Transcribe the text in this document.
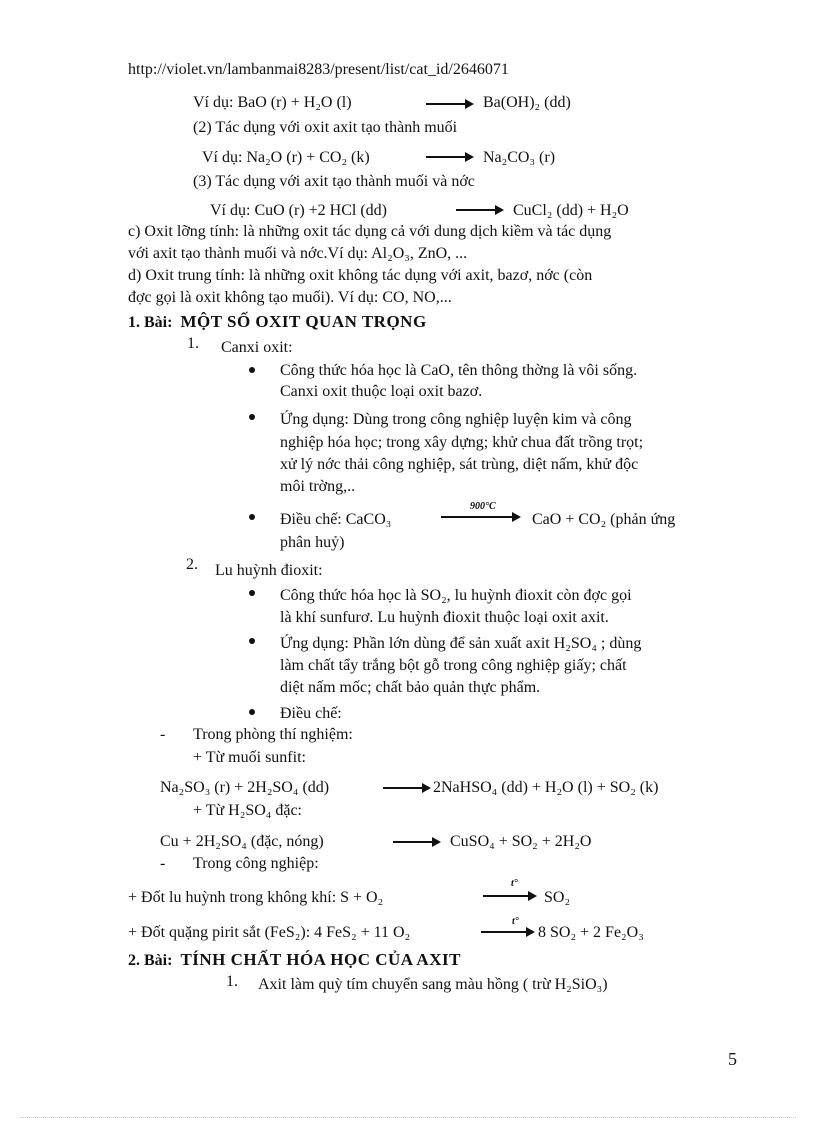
http://violet.vn/lambanmai8283/present/list/cat_id/2646071
Ví dụ: BaO (r) + H₂O (l)	→ Ba(OH)₂ (dd)
(2) Tác dụng với oxit axit tạo thành muối
Ví dụ: Na₂O (r) + CO₂ (k)	→ Na₂CO₃ (r)
(3) Tác dụng với axit tạo thành muối và nớc
Ví dụ: CuO (r) +2 HCl (dd)	→ CuCl₂ (dd) + H₂O
c) Oxit lỡng tính: là những oxit tác dụng cả với dung dịch kiềm và tác dụng
với axit tạo thành muối và nớc.Ví dụ: Al₂O₃, ZnO, ...
d) Oxit trung tính: là những oxit không tác dụng với axit, bazơ, nớc (còn
đợc gọi là oxit không tạo muối). Ví dụ: CO, NO,...
1. Bài: MỘT SỐ OXIT QUAN TRỌNG
1. Canxi oxit:
Công thức hóa học là CaO, tên thông thờng là vôi sống.
Canxi oxit thuộc loại oxit bazơ.
Ứng dụng: Dùng trong công nghiệp luyện kim và công
nghiệp hóa học; trong xây dựng; khử chua đất trồng trọt;
xử lý nớc thải công nghiệp, sát trùng, diệt nấm, khử độc
môi trờng,..
Điều chế: CaCO₃
900°C
CaO + CO₂ (phản ứng
phân huỷ)
2. Lu huỳnh đioxit:
Công thức hóa học là SO₂, lu huỳnh đioxit còn đợc gọi
là khí sunfurơ. Lu huỳnh đioxit thuộc loại oxit axit.
Ứng dụng: Phần lớn dùng để sản xuất axit H₂SO₄ ; dùng
làm chất tẩy trắng bột gỗ trong công nghiệp giấy; chất
diệt nấm mốc; chất bảo quản thực phẩm.
Điều chế:
- Trong phòng thí nghiệm:
+ Từ muối sunfit:
Na₂SO₃ (r) + 2H₂SO₄ (dd)	→ 2NaHSO₄ (dd) + H₂O (l) + SO₂ (k)
+ Từ H₂SO₄ đặc:
Cu + 2H₂SO₄ (đặc, nóng)	→ CuSO₄ + SO₂ + 2H₂O
- Trong công nghiệp:
+ Đốt lu huỳnh trong không khí: S + O₂
t°
→ SO₂
+ Đốt quặng pirit sắt (FeS₂): 4 FeS₂ + 11 O₂
t°
→ 8 SO₂ + 2 Fe₂O₃
2. Bài: TÍNH CHẤT HÓA HỌC CỦA AXIT
1. Axit làm quỳ tím chuyển sang màu hồng ( trừ H₂SiO₃)
5
